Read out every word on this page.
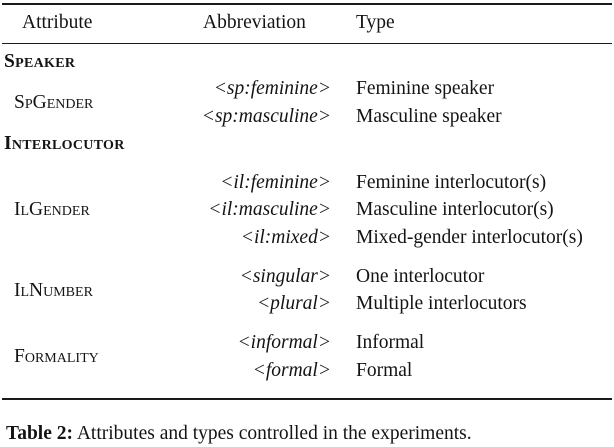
Attribute	Abbreviation	Type
Speaker
SpGender
<sp:feminine> Feminine speaker
<sp:masculine> Masculine speaker
Interlocutor
IlGender
<il:feminine> Feminine interlocutor(s)
<il:masculine> Masculine interlocutor(s)
<il:mixed> Mixed-gender interlocutor(s)
IlNumber
<singular> One interlocutor
<plural> Multiple interlocutors
Formality
<informal> Informal
<formal> Formal
Table 2: Attributes and types controlled in the experiments.
